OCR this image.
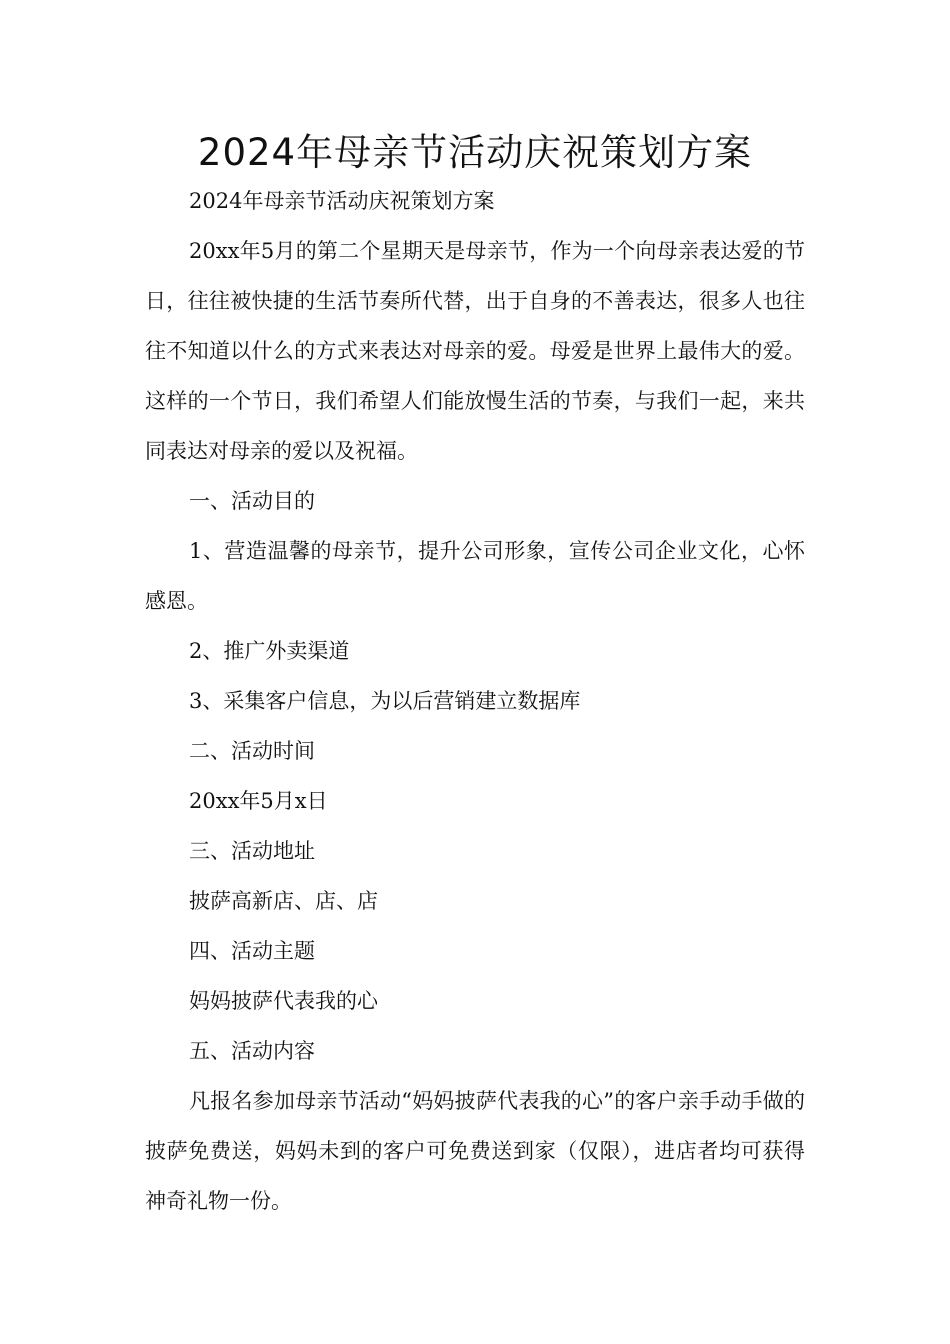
2024年母亲节活动庆祝策划方案

2024年母亲节活动庆祝策划方案

20xx年5月的第二个星期天是母亲节，作为一个向母亲表达爱的节日，往往被快捷的生活节奏所代替，出于自身的不善表达，很多人也往往不知道以什么的方式来表达对母亲的爱。母爱是世界上最伟大的爱。这样的一个节日，我们希望人们能放慢生活的节奏，与我们一起，来共同表达对母亲的爱以及祝福。

一、活动目的

1、营造温馨的母亲节，提升公司形象，宣传公司企业文化，心怀感恩。

2、推广外卖渠道

3、采集客户信息，为以后营销建立数据库

二、活动时间

20xx年5月x日

三、活动地址

披萨高新店、店、店

四、活动主题

妈妈披萨代表我的心

五、活动内容

凡报名参加母亲节活动“妈妈披萨代表我的心”的客户亲手动手做的披萨免费送，妈妈未到的客户可免费送到家（仅限），进店者均可获得神奇礼物一份。
